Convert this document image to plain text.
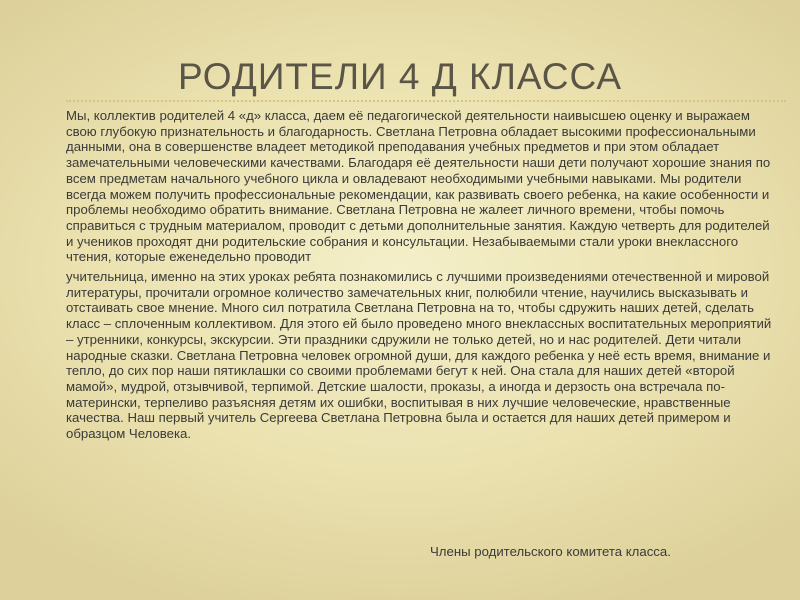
РОДИТЕЛИ 4 Д КЛАССА

Мы, коллектив родителей 4 «д» класса, даем её педагогической деятельности наивысшею оценку и выражаем свою глубокую признательность и благодарность. Светлана Петровна обладает высокими профессиональными данными, она в совершенстве владеет методикой преподавания учебных предметов и при этом обладает замечательными человеческими качествами. Благодаря её деятельности наши дети получают хорошие знания по всем предметам начального учебного цикла и овладевают необходимыми учебными навыками. Мы родители всегда можем получить профессиональные рекомендации, как развивать своего ребенка, на какие особенности и проблемы необходимо обратить внимание. Светлана Петровна не жалеет личного времени, чтобы помочь справиться с трудным материалом, проводит с детьми дополнительные занятия. Каждую четверть для родителей и учеников проходят дни родительские собрания и консультации. Незабываемыми стали уроки внеклассного чтения, которые еженедельно проводит

учительница, именно на этих уроках ребята познакомились с лучшими произведениями отечественной и мировой литературы, прочитали огромное количество замечательных книг, полюбили чтение, научились высказывать и отстаивать свое мнение. Много сил потратила Светлана Петровна на то, чтобы сдружить наших детей, сделать класс – сплоченным коллективом. Для этого ей было проведено много внеклассных воспитательных мероприятий – утренники, конкурсы, экскурсии. Эти праздники сдружили не только детей, но и нас родителей. Дети читали народные сказки. Светлана Петровна человек огромной души, для каждого ребенка у неё есть время, внимание и тепло, до сих пор наши пятиклашки со своими проблемами бегут к ней. Она стала для наших детей «второй мамой», мудрой, отзывчивой, терпимой. Детские шалости, проказы, а иногда и дерзость она встречала по-матерински, терпеливо разъясняя детям их ошибки, воспитывая в них лучшие человеческие, нравственные качества. Наш первый учитель Сергеева Светлана Петровна была и остается для наших детей примером и образцом Человека.

Члены родительского комитета класса.
